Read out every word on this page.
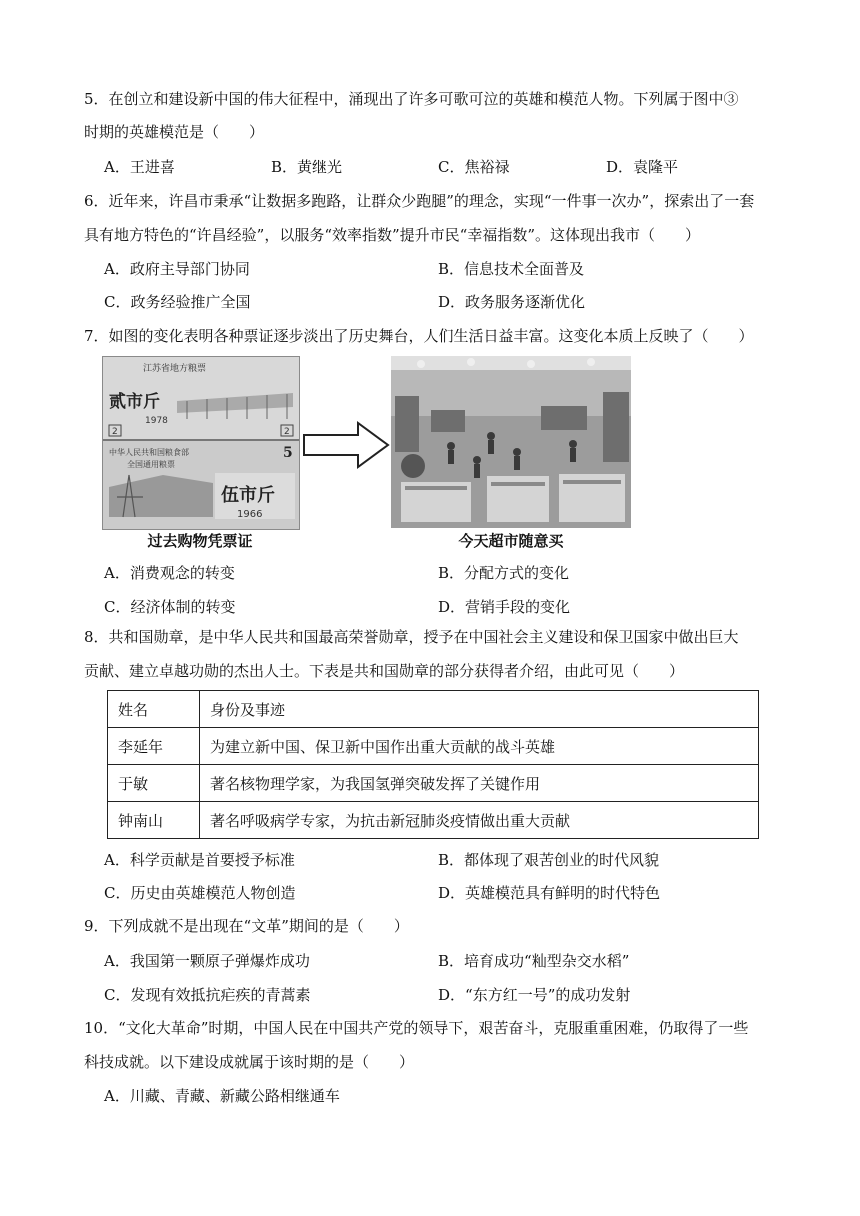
5．在创立和建设新中国的伟大征程中，涌现出了许多可歌可泣的英雄和模范人物。下列属于图中③
时期的英雄模范是（　　）
A．王进喜	B．黄继光	C．焦裕禄	D．袁隆平
6．近年来，许昌市秉承“让数据多跑路，让群众少跑腿”的理念，实现“一件事一次办”，探索出了一套
具有地方特色的“许昌经验”，以服务“效率指数”提升市民“幸福指数”。这体现出我市（　　）
A．政府主导部门协同	B．信息技术全面普及
C．政务经验推广全国	D．政务服务逐渐优化
7．如图的变化表明各种票证逐步淡出了历史舞台，人们生活日益丰富。这变化本质上反映了（　　）
江苏省地方粮票
贰市斤
1978
2	2
中华人民共和国粮食部
全国通用粮票
5
伍市斤
1966
过去购物凭票证	今天超市随意买
A．消费观念的转变	B．分配方式的变化
C．经济体制的转变	D．营销手段的变化
8．共和国勋章，是中华人民共和国最高荣誉勋章，授予在中国社会主义建设和保卫国家中做出巨大
贡献、建立卓越功勋的杰出人士。下表是共和国勋章的部分获得者介绍，由此可见（　　）
姓名	身份及事迹
李延年	为建立新中国、保卫新中国作出重大贡献的战斗英雄
于敏	著名核物理学家，为我国氢弹突破发挥了关键作用
钟南山	著名呼吸病学专家，为抗击新冠肺炎疫情做出重大贡献
A．科学贡献是首要授予标准	B．都体现了艰苦创业的时代风貌
C．历史由英雄模范人物创造	D．英雄模范具有鲜明的时代特色
9．下列成就不是出现在“文革”期间的是（　　）
A．我国第一颗原子弹爆炸成功	B．培育成功“籼型杂交水稻”
C．发现有效抵抗疟疾的青蒿素	D．“东方红一号”的成功发射
10．“文化大革命”时期，中国人民在中国共产党的领导下，艰苦奋斗，克服重重困难，仍取得了一些
科技成就。以下建设成就属于该时期的是（　　）
A．川藏、青藏、新藏公路相继通车
